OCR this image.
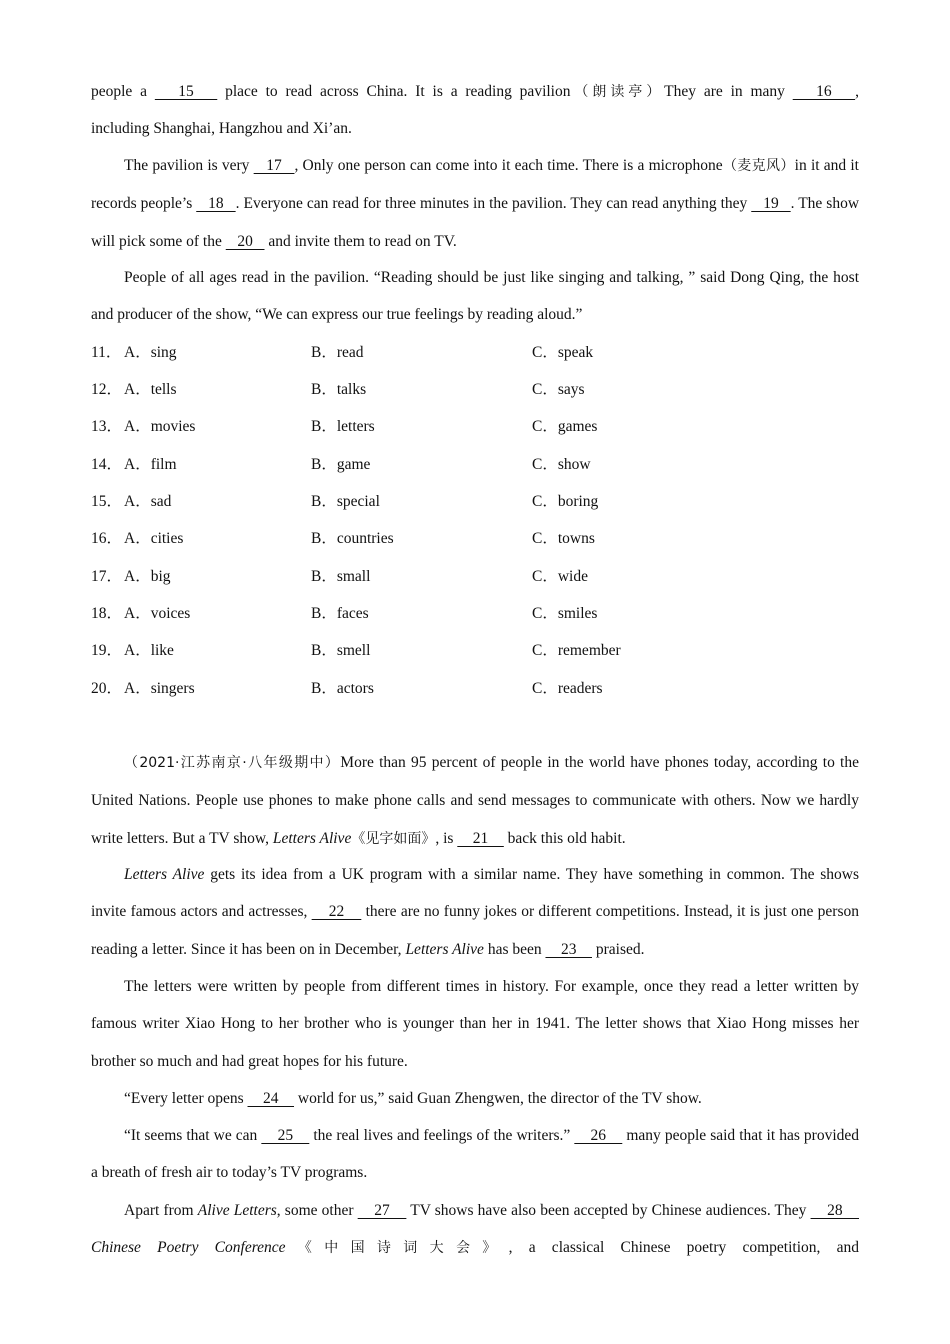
people a    15    place to read across China. It is a reading pavilion（朗读亭）They are in many    16   ,

including Shanghai, Hangzhou and Xi’an.

The pavilion is very    17   , Only one person can come into it each time. There is a microphone（麦克风）in it and it records people’s    18   . Everyone can read for three minutes in the pavilion. They can read anything they    19   . The show will pick some of the    20    and invite them to read on TV.

People of all ages read in the pavilion. “Reading should be just like singing and talking, ” said Dong Qing, the host and producer of the show, “We can express our true feelings by reading aloud.”

11． A．sing	B．read	C．speak
12． A．tells	B．talks	C．says
13． A．movies	B．letters	C．games
14． A．film	B．game	C．show
15． A．sad	B．special	C．boring
16． A．cities	B．countries	C．towns
17． A．big	B．small	C．wide
18． A．voices	B．faces	C．smiles
19． A．like	B．smell	C．remember
20． A．singers	B．actors	C．readers

（2021·江苏南京·八年级期中）More than 95 percent of people in the world have phones today, according to the United Nations. People use phones to make phone calls and send messages to communicate with others. Now we hardly write letters. But a TV show, Letters Alive《见字如面》, is     21     back this old habit.

Letters Alive gets its idea from a UK program with a similar name. They have something in common. The shows invite famous actors and actresses,     22     there are no funny jokes or different competitions. Instead, it is just one person reading a letter. Since it has been on in December, Letters Alive has been     23     praised.

The letters were written by people from different times in history. For example, once they read a letter written by famous writer Xiao Hong to her brother who is younger than her in 1941. The letter shows that Xiao Hong misses her brother so much and had great hopes for his future.

“Every letter opens     24     world for us,” said Guan Zhengwen, the director of the TV show.

“It seems that we can     25     the real lives and feelings of the writers.”     26     many people said that it has provided a breath of fresh air to today’s TV programs.

Apart from Alive Letters, some other     27     TV shows have also been accepted by Chinese audiences. They     28     Chinese Poetry Conference《中国诗词大会》, a classical Chinese poetry competition, and
